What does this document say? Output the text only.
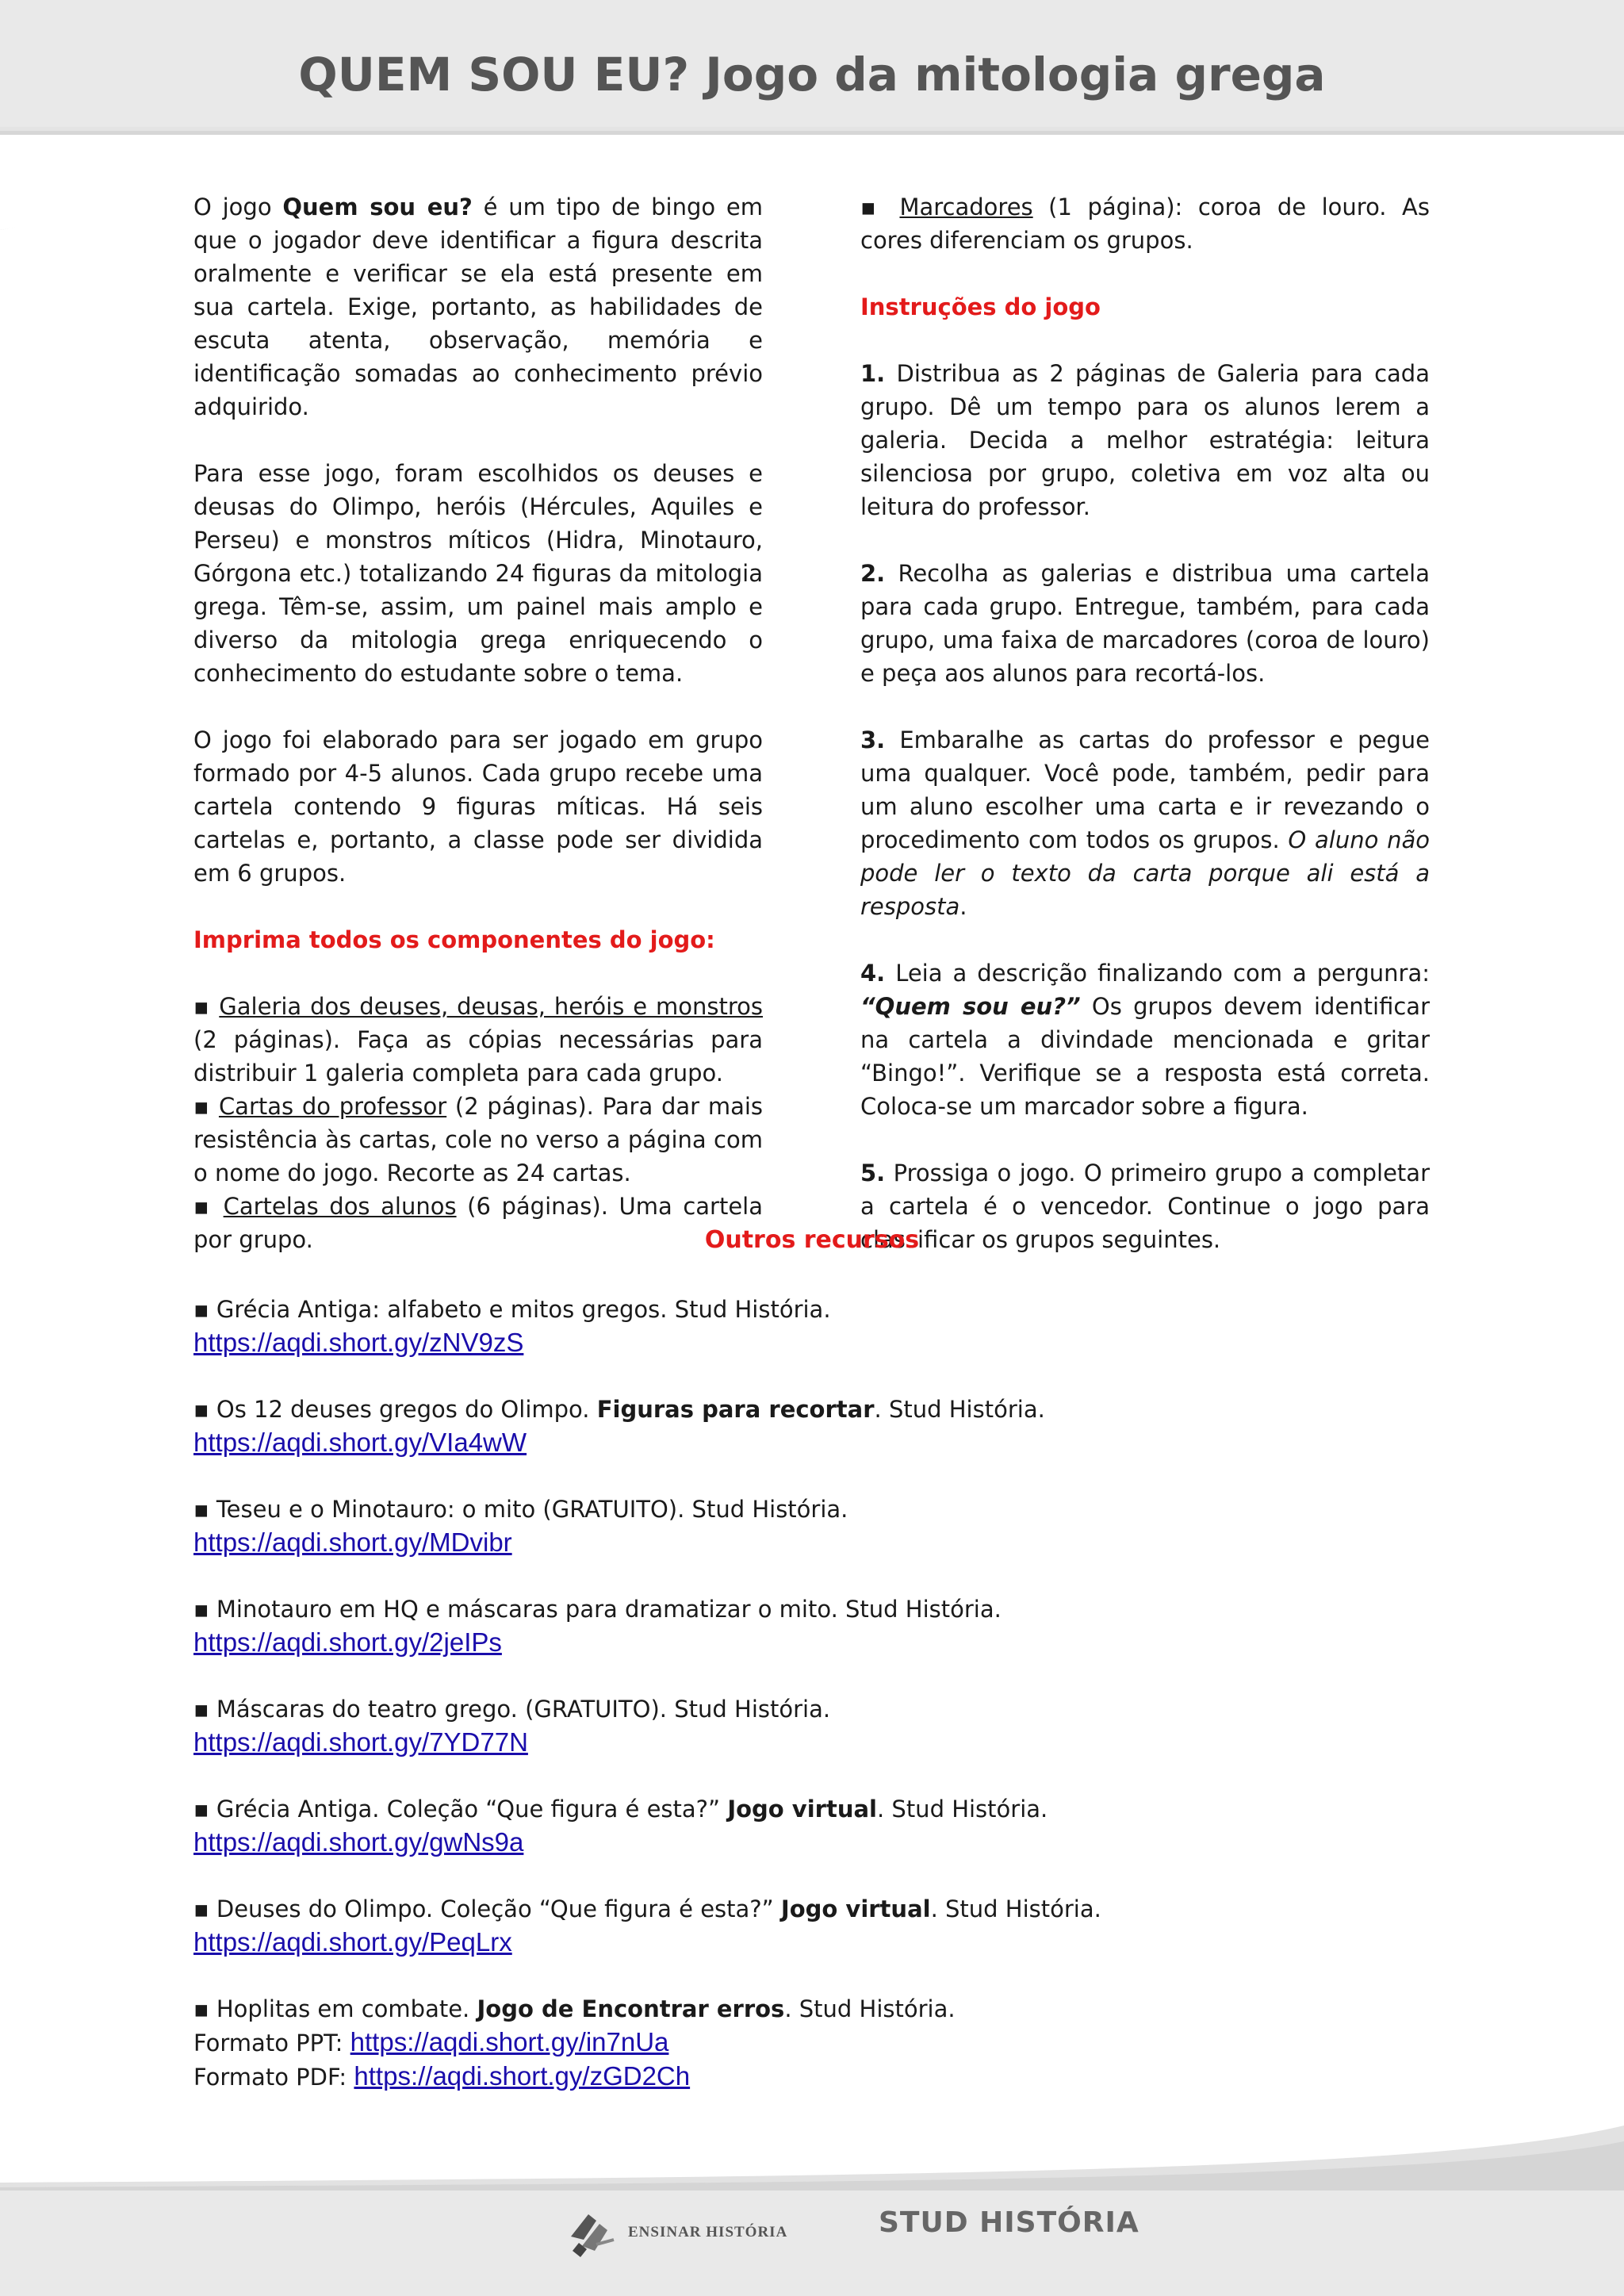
QUEM SOU EU? Jogo da mitologia grega

O jogo Quem sou eu? é um tipo de bingo em que o jogador deve identificar a figura descrita oralmente e verificar se ela está presente em sua cartela. Exige, portanto, as habilidades de escuta atenta, observação, memória e identificação somadas ao conhecimento prévio adquirido.

Para esse jogo, foram escolhidos os deuses e deusas do Olimpo, heróis (Hércules, Aquiles e Perseu) e monstros míticos (Hidra, Minotauro, Górgona etc.) totalizando 24 figuras da mitologia grega. Têm-se, assim, um painel mais amplo e diverso da mitologia grega enriquecendo o conhecimento do estudante sobre o tema.

O jogo foi elaborado para ser jogado em grupo formado por 4-5 alunos. Cada grupo recebe uma cartela contendo 9 figuras míticas. Há seis cartelas e, portanto, a classe pode ser dividida em 6 grupos.

Imprima todos os componentes do jogo:

▪ Galeria dos deuses, deusas, heróis e monstros (2 páginas). Faça as cópias necessárias para distribuir 1 galeria completa para cada grupo.

▪ Cartas do professor (2 páginas). Para dar mais resistência às cartas, cole no verso a página com o nome do jogo. Recorte as 24 cartas.

▪ Cartelas dos alunos (6 páginas). Uma cartela por grupo.

▪ Marcadores (1 página): coroa de louro. As cores diferenciam os grupos.

Instruções do jogo

1. Distribua as 2 páginas de Galeria para cada grupo. Dê um tempo para os alunos lerem a galeria. Decida a melhor estratégia: leitura silenciosa por grupo, coletiva em voz alta ou leitura do professor.

2. Recolha as galerias e distribua uma cartela para cada grupo. Entregue, também, para cada grupo, uma faixa de marcadores (coroa de louro) e peça aos alunos para recortá-los.

3. Embaralhe as cartas do professor e pegue uma qualquer. Você pode, também, pedir para um aluno escolher uma carta e ir revezando o procedimento com todos os grupos. O aluno não pode ler o texto da carta porque ali está a resposta.

4. Leia a descrição finalizando com a pergunra: “Quem sou eu?” Os grupos devem identificar na cartela a divindade mencionada e gritar “Bingo!”. Verifique se a resposta está correta. Coloca-se um marcador sobre a figura.

5. Prossiga o jogo. O primeiro grupo a completar a cartela é o vencedor. Continue o jogo para classificar os grupos seguintes.

Outros recursos
▪ Grécia Antiga: alfabeto e mitos gregos. Stud História.
https://aqdi.short.gy/zNV9zS
▪ Os 12 deuses gregos do Olimpo. Figuras para recortar. Stud História.
https://aqdi.short.gy/VIa4wW
▪ Teseu e o Minotauro: o mito (GRATUITO). Stud História.
https://aqdi.short.gy/MDvibr
▪ Minotauro em HQ e máscaras para dramatizar o mito. Stud História.
https://aqdi.short.gy/2jeIPs
▪ Máscaras do teatro grego. (GRATUITO). Stud História.
https://aqdi.short.gy/7YD77N
▪ Grécia Antiga. Coleção “Que figura é esta?” Jogo virtual. Stud História.
https://aqdi.short.gy/gwNs9a
▪ Deuses do Olimpo. Coleção “Que figura é esta?” Jogo virtual. Stud História.
https://aqdi.short.gy/PeqLrx
▪ Hoplitas em combate. Jogo de Encontrar erros. Stud História.
Formato PPT: https://aqdi.short.gy/in7nUa
Formato PDF: https://aqdi.short.gy/zGD2Ch
ENSINAR HISTÓRIA	STUD HISTÓRIA
